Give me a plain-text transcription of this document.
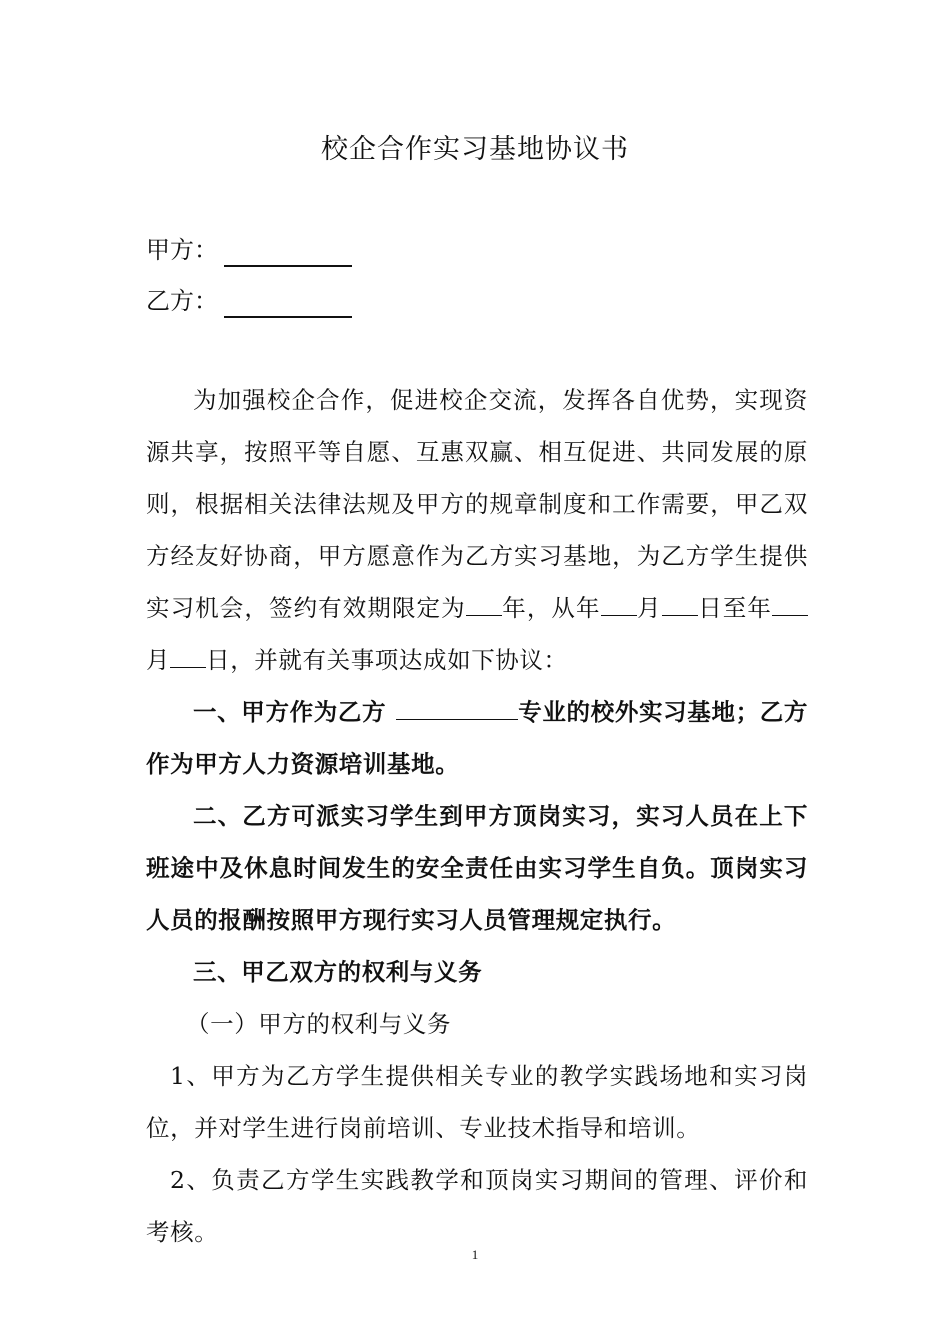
校企合作实习基地协议书
甲方：
乙方：

为加强校企合作，促进校企交流，发挥各自优势，实现资源共享，按照平等自愿、互惠双赢、相互促进、共同发展的原则，根据相关法律法规及甲方的规章制度和工作需要，甲乙双方经友好协商，甲方愿意作为乙方实习基地，为乙方学生提供实习机会，签约有效期限定为 年，从年 月 日至年月 日，并就有关事项达成如下协议：

一、甲方作为乙方	专业的校外实习基地；乙方作为甲方人力资源培训基地。

二、乙方可派实习学生到甲方顶岗实习，实习人员在上下班途中及休息时间发生的安全责任由实习学生自负。顶岗实习人员的报酬按照甲方现行实习人员管理规定执行。

三、甲乙双方的权利与义务

（一）甲方的权利与义务

1、甲方为乙方学生提供相关专业的教学实践场地和实习岗位，并对学生进行岗前培训、专业技术指导和培训。

2、负责乙方学生实践教学和顶岗实习期间的管理、评价和考核。

1
